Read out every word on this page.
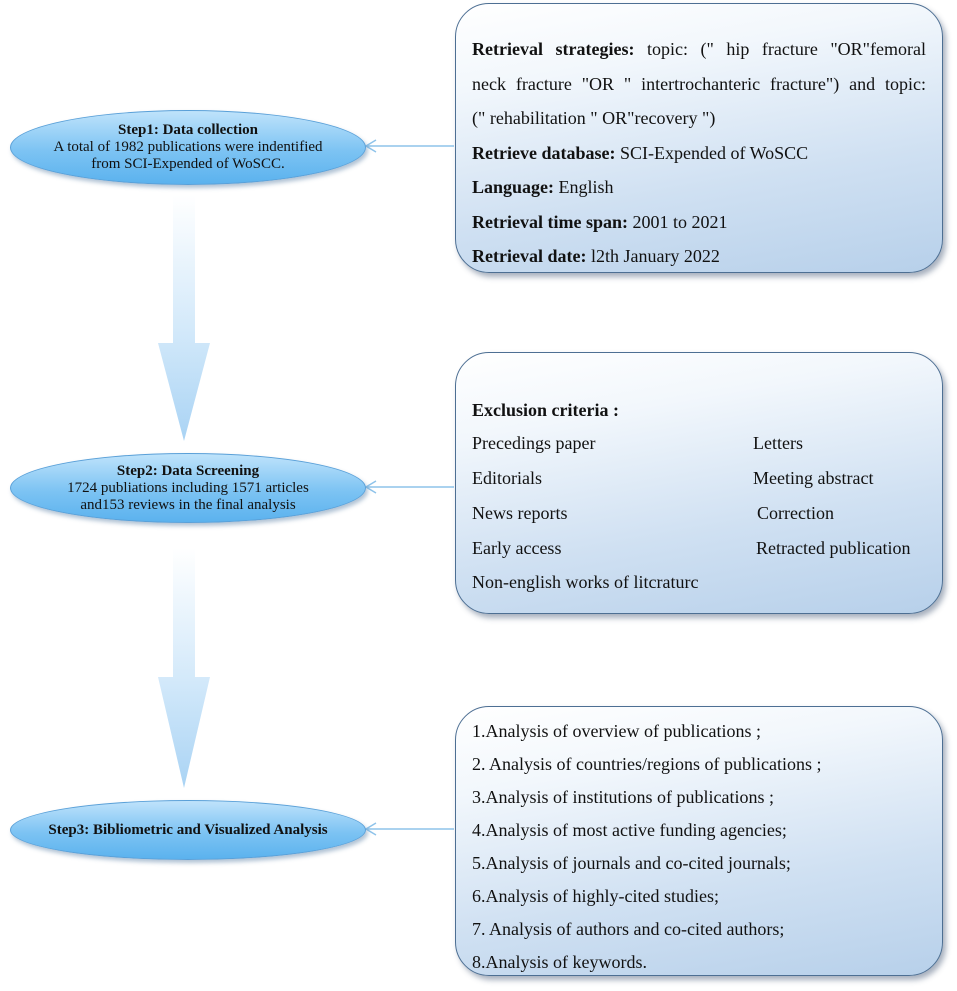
Step1: Data collection
A total of 1982 publications were indentified
from SCI-Expended of WoSCC.
Step2: Data Screening
1724 publiations including 1571 articles
and153 reviews in the final analysis
Step3: Bibliometric and Visualized Analysis

Retrieval strategies: topic: (" hip fracture "OR"femoral

neck fracture "OR " intertrochanteric fracture") and topic:

(" rehabilitation " OR"recovery ")

Retrieve database: SCI-Expended of WoSCC

Language: English

Retrieval time span: 2001 to 2021

Retrieval date: l2th January 2022

Exclusion criteria :
Precedings paper
Editorials
News reports
Early access
Non-english works of litcraturc
Letters
Meeting abstract
Correction
Retracted publication

1.Analysis of overview of publications ;

2. Analysis of countries/regions of publications ;

3.Analysis of institutions of publications ;

4.Analysis of most active funding agencies;

5.Analysis of journals and co-cited journals;

6.Analysis of highly-cited studies;

7. Analysis of authors and co-cited authors;

8.Analysis of keywords.
